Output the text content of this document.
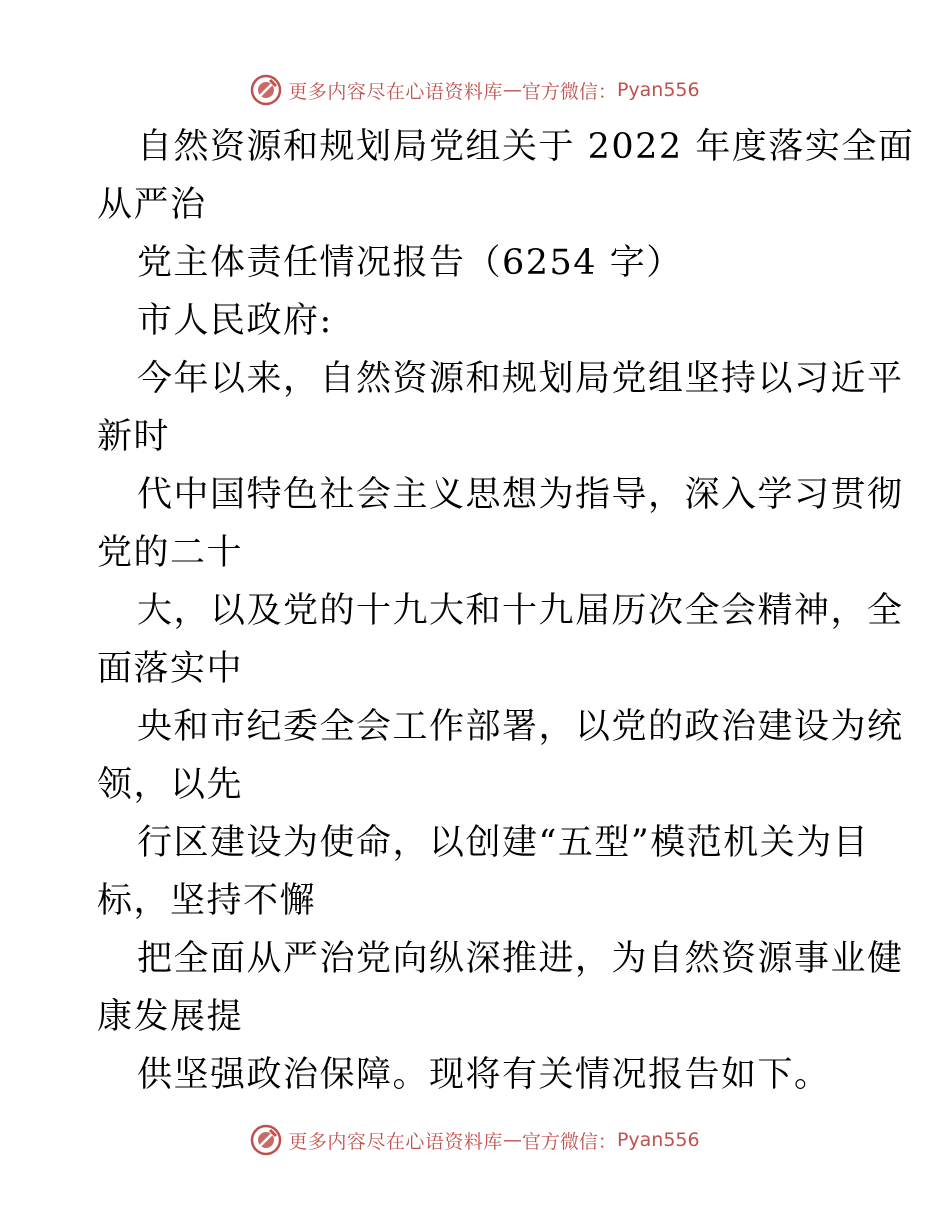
更多内容尽在心语资料库 — 官方微信： Pyan556
自然资源和规划局党组关于 2022 年度落实全面
从严治
党主体责任情况报告（6254 字）
市人民政府:
今年以来，自然资源和规划局党组坚持以习近平
新时
代中国特色社会主义思想为指导，深入学习贯彻
党的二十
大，以及党的十九大和十九届历次全会精神，全
面落实中
央和市纪委全会工作部署，以党的政治建设为统
领，以先
行区建设为使命，以创建“五型”模范机关为目
标，坚持不懈
把全面从严治党向纵深推进，为自然资源事业健
康发展提
供坚强政治保障。现将有关情况报告如下。
更多内容尽在心语资料库 — 官方微信： Pyan556
